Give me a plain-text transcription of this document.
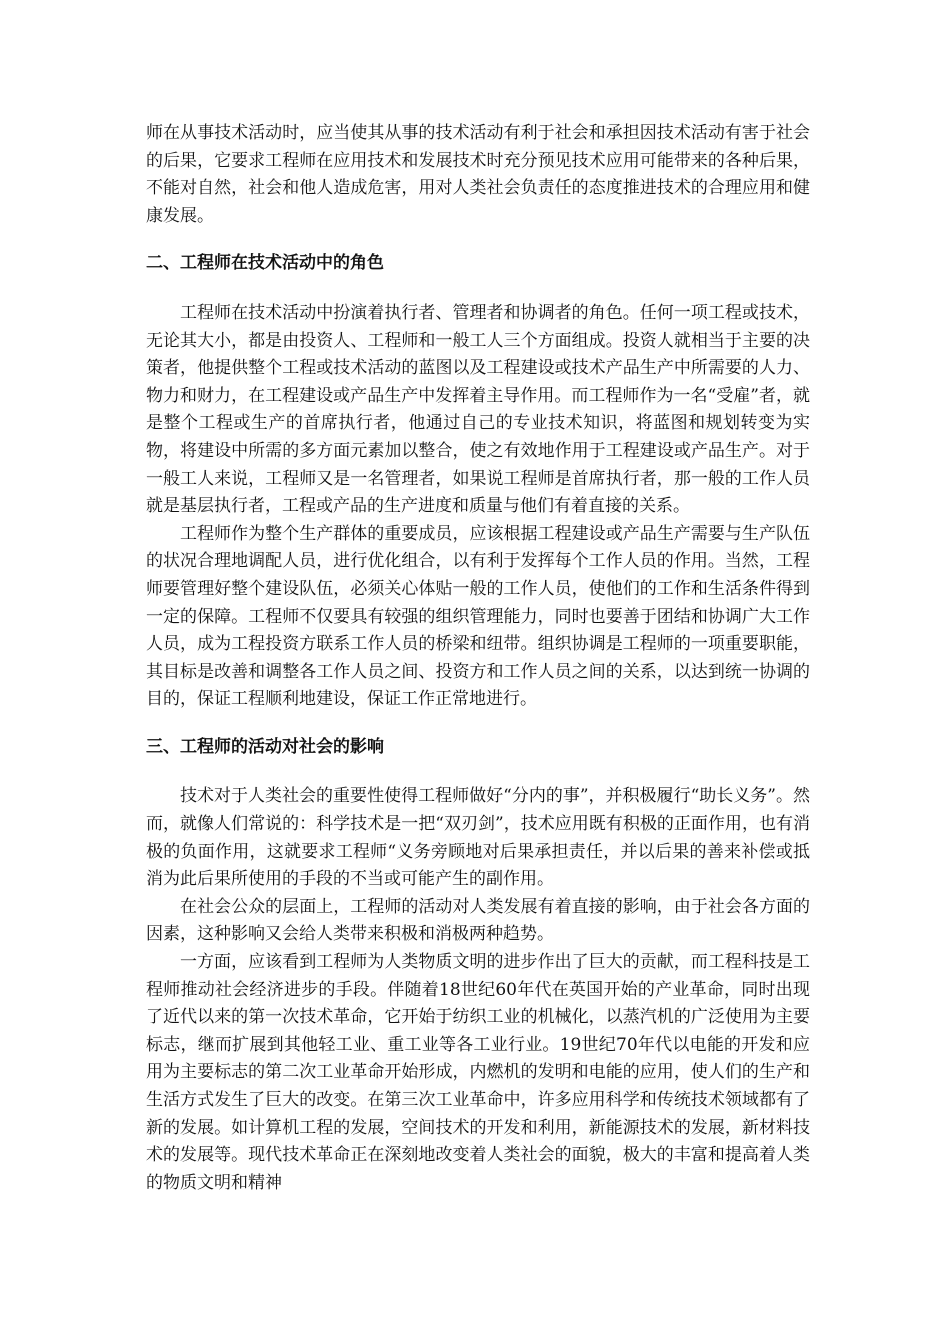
师在从事技术活动时，应当使其从事的技术活动有利于社会和承担因技术活动有害于社会的后果，它要求工程师在应用技术和发展技术时充分预见技术应用可能带来的各种后果，不能对自然，社会和他人造成危害，用对人类社会负责任的态度推进技术的合理应用和健康发展。

二、工程师在技术活动中的角色

工程师在技术活动中扮演着执行者、管理者和协调者的角色。任何一项工程或技术，无论其大小，都是由投资人、工程师和一般工人三个方面组成。投资人就相当于主要的决策者，他提供整个工程或技术活动的蓝图以及工程建设或技术产品生产中所需要的人力、物力和财力，在工程建设或产品生产中发挥着主导作用。而工程师作为一名“受雇”者，就是整个工程或生产的首席执行者，他通过自己的专业技术知识，将蓝图和规划转变为实物，将建设中所需的多方面元素加以整合，使之有效地作用于工程建设或产品生产。对于一般工人来说，工程师又是一名管理者，如果说工程师是首席执行者，那一般的工作人员就是基层执行者，工程或产品的生产进度和质量与他们有着直接的关系。

工程师作为整个生产群体的重要成员，应该根据工程建设或产品生产需要与生产队伍的状况合理地调配人员，进行优化组合，以有利于发挥每个工作人员的作用。当然，工程师要管理好整个建设队伍，必须关心体贴一般的工作人员，使他们的工作和生活条件得到一定的保障。工程师不仅要具有较强的组织管理能力，同时也要善于团结和协调广大工作人员，成为工程投资方联系工作人员的桥梁和纽带。组织协调是工程师的一项重要职能，其目标是改善和调整各工作人员之间、投资方和工作人员之间的关系，以达到统一协调的目的，保证工程顺利地建设，保证工作正常地进行。

三、工程师的活动对社会的影响

技术对于人类社会的重要性使得工程师做好“分内的事”，并积极履行“助长义务”。然而，就像人们常说的：科学技术是一把“双刃剑”，技术应用既有积极的正面作用，也有消极的负面作用，这就要求工程师“义务旁顾地对后果承担责任，并以后果的善来补偿或抵消为此后果所使用的手段的不当或可能产生的副作用。

在社会公众的层面上，工程师的活动对人类发展有着直接的影响，由于社会各方面的因素，这种影响又会给人类带来积极和消极两种趋势。

一方面，应该看到工程师为人类物质文明的进步作出了巨大的贡献，而工程科技是工程师推动社会经济进步的手段。伴随着18世纪60年代在英国开始的产业革命，同时出现了近代以来的第一次技术革命，它开始于纺织工业的机械化，以蒸汽机的广泛使用为主要标志，继而扩展到其他轻工业、重工业等各工业行业。19世纪70年代以电能的开发和应用为主要标志的第二次工业革命开始形成，内燃机的发明和电能的应用，使人们的生产和生活方式发生了巨大的改变。在第三次工业革命中，许多应用科学和传统技术领域都有了新的发展。如计算机工程的发展，空间技术的开发和利用，新能源技术的发展，新材料技术的发展等。现代技术革命正在深刻地改变着人类社会的面貌，极大的丰富和提高着人类的物质文明和精神
